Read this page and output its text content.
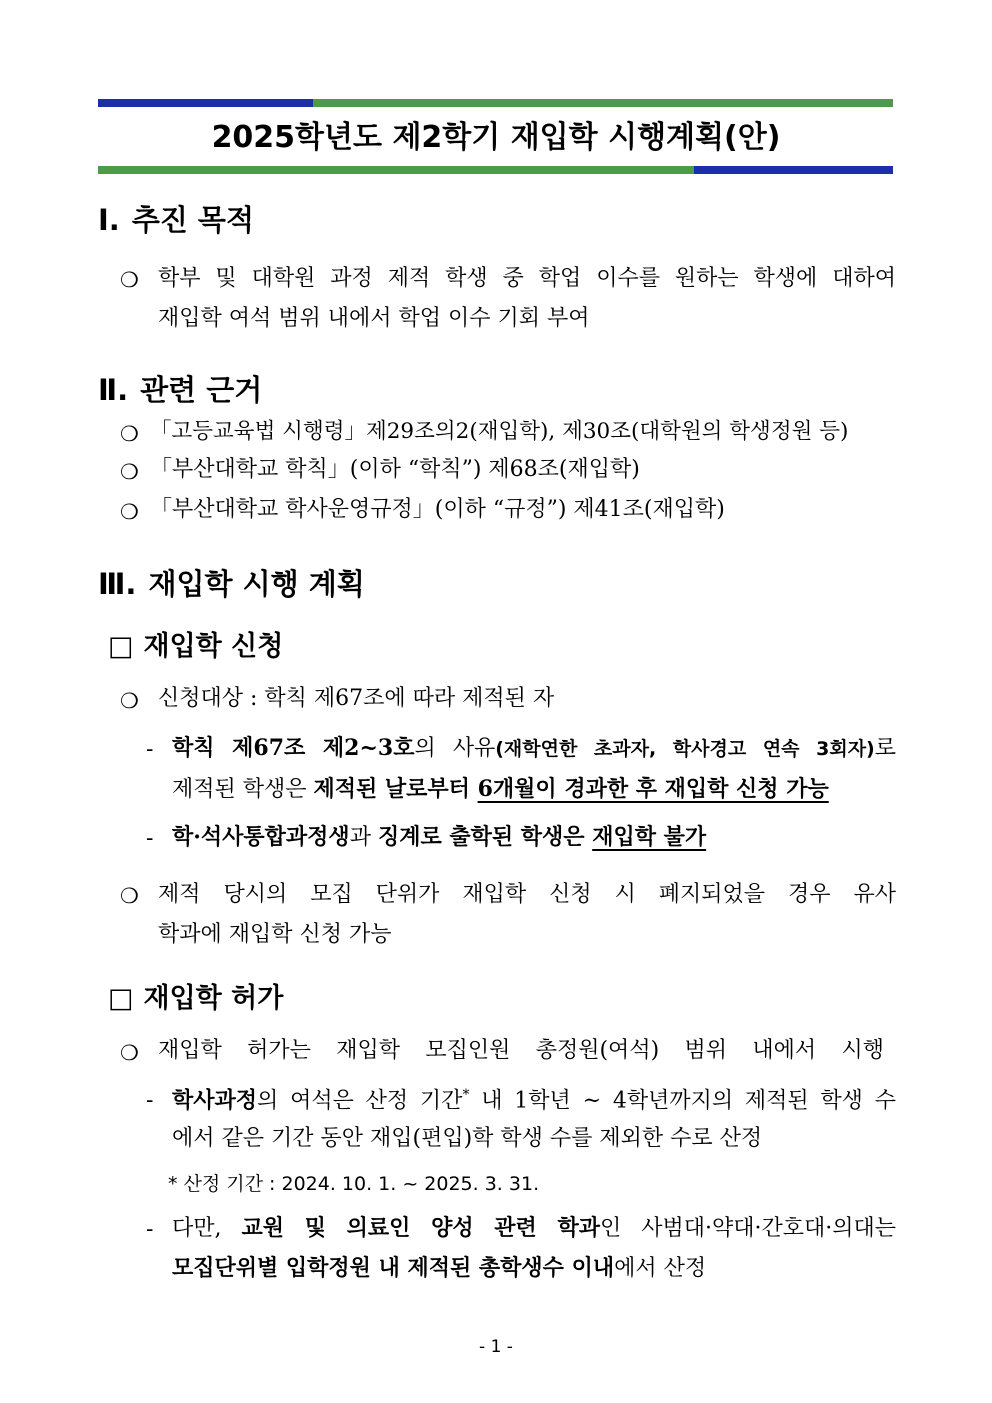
2025학년도 제2학기 재입학 시행계획(안)
Ⅰ. 추진 목적
❍ 학부 및 대학원 과정 제적 학생 중 학업 이수를 원하는 학생에 대하여
재입학 여석 범위 내에서 학업 이수 기회 부여
Ⅱ. 관련 근거
❍ 「고등교육법 시행령」제29조의2(재입학), 제30조(대학원의 학생정원 등)
❍ 「부산대학교 학칙」(이하 “학칙”) 제68조(재입학)
❍ 「부산대학교 학사운영규정」(이하 “규정”) 제41조(재입학)
Ⅲ. 재입학 시행 계획
□ 재입학 신청
❍ 신청대상 : 학칙 제67조에 따라 제적된 자
- 학칙 제67조 제2~3호의 사유(재학연한 초과자, 학사경고 연속 3회자)로
제적된 학생은 제적된 날로부터 6개월이 경과한 후 재입학 신청 가능
- 학·석사통합과정생과 징계로 출학된 학생은 재입학 불가
❍ 제적 당시의 모집 단위가 재입학 신청 시 폐지되었을 경우 유사
학과에 재입학 신청 가능
□ 재입학 허가
❍ 재입학 허가는 재입학 모집인원 총정원(여석) 범위 내에서 시행
- 학사과정의 여석은 산정 기간* 내 1학년 ~ 4학년까지의 제적된 학생 수
에서 같은 기간 동안 재입(편입)학 학생 수를 제외한 수로 산정
* 산정 기간 : 2024. 10. 1. ~ 2025. 3. 31.
- 다만, 교원 및 의료인 양성 관련 학과인 사범대·약대·간호대·의대는
모집단위별 입학정원 내 제적된 총학생수 이내에서 산정
- 1 -
